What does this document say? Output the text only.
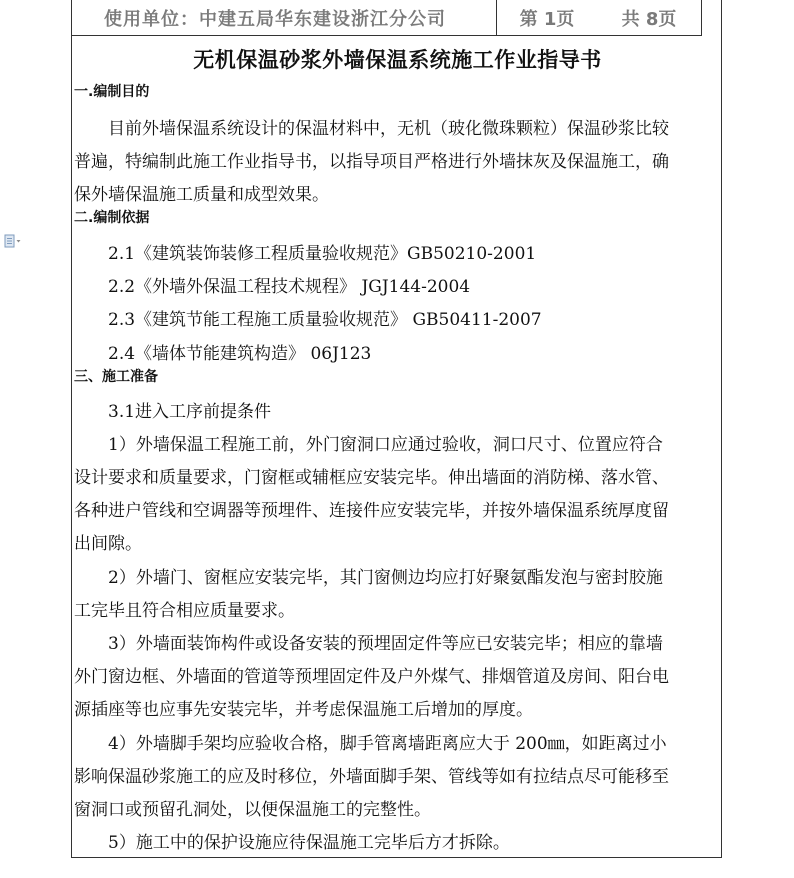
使用单位：中建五局华东建设浙江分公司	第 1页	共 8页
无机保温砂浆外墙保温系统施工作业指导书
一.编制目的
目前外墙保温系统设计的保温材料中，无机（玻化微珠颗粒）保温砂浆比较
普遍，特编制此施工作业指导书，以指导项目严格进行外墙抹灰及保温施工，确
保外墙保温施工质量和成型效果。
二.编制依据
2.1《建筑装饰装修工程质量验收规范》GB50210-2001
2.2《外墙外保温工程技术规程》 JGJ144-2004
2.3《建筑节能工程施工质量验收规范》 GB50411-2007
2.4《墙体节能建筑构造》 06J123
三、施工准备
3.1进入工序前提条件
1）外墙保温工程施工前，外门窗洞口应通过验收，洞口尺寸、位置应符合
设计要求和质量要求，门窗框或辅框应安装完毕。伸出墙面的消防梯、落水管、
各种进户管线和空调器等预埋件、连接件应安装完毕，并按外墙保温系统厚度留
出间隙。
2）外墙门、窗框应安装完毕，其门窗侧边均应打好聚氨酯发泡与密封胶施
工完毕且符合相应质量要求。
3）外墙面装饰构件或设备安装的预埋固定件等应已安装完毕；相应的靠墙
外门窗边框、外墙面的管道等预埋固定件及户外煤气、排烟管道及房间、阳台电
源插座等也应事先安装完毕，并考虑保温施工后增加的厚度。
4）外墙脚手架均应验收合格，脚手管离墙距离应大于 200㎜，如距离过小
影响保温砂浆施工的应及时移位，外墙面脚手架、管线等如有拉结点尽可能移至
窗洞口或预留孔洞处，以便保温施工的完整性。
5）施工中的保护设施应待保温施工完毕后方才拆除。
